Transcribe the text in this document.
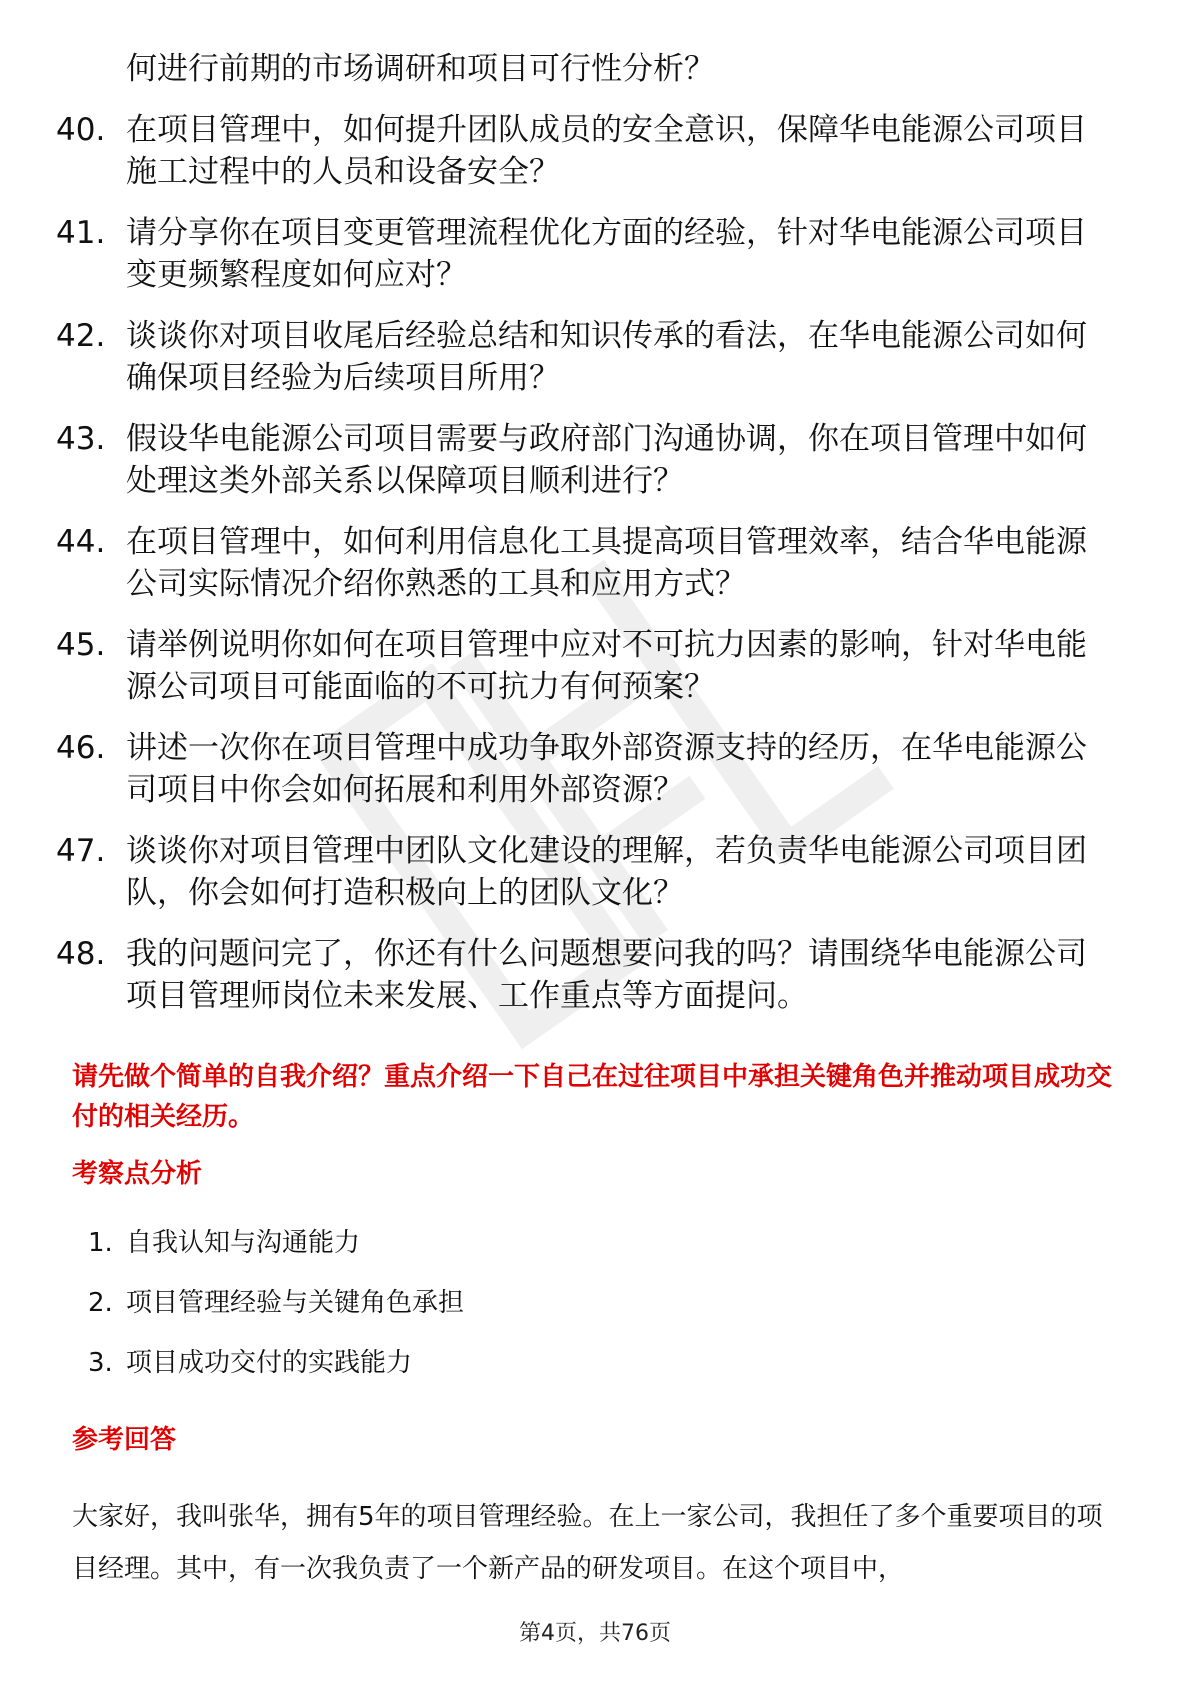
何进行前期的市场调研和项目可行性分析？
40. 在项目管理中，如何提升团队成员的安全意识，保障华电能源公司项目施工过程中的人员和设备安全？
41. 请分享你在项目变更管理流程优化方面的经验，针对华电能源公司项目变更频繁程度如何应对？
42. 谈谈你对项目收尾后经验总结和知识传承的看法，在华电能源公司如何确保项目经验为后续项目所用？
43. 假设华电能源公司项目需要与政府部门沟通协调，你在项目管理中如何处理这类外部关系以保障项目顺利进行？
44. 在项目管理中，如何利用信息化工具提高项目管理效率，结合华电能源公司实际情况介绍你熟悉的工具和应用方式？
45. 请举例说明你如何在项目管理中应对不可抗力因素的影响，针对华电能源公司项目可能面临的不可抗力有何预案？
46. 讲述一次你在项目管理中成功争取外部资源支持的经历，在华电能源公司项目中你会如何拓展和利用外部资源？
47. 谈谈你对项目管理中团队文化建设的理解，若负责华电能源公司项目团队，你会如何打造积极向上的团队文化？
48. 我的问题问完了，你还有什么问题想要问我的吗？请围绕华电能源公司项目管理师岗位未来发展、工作重点等方面提问。
请先做个简单的自我介绍？重点介绍一下自己在过往项目中承担关键角色并推动项目成功交付的相关经历。
考察点分析
1. 自我认知与沟通能力
2. 项目管理经验与关键角色承担
3. 项目成功交付的实践能力
参考回答
大家好，我叫张华，拥有5年的项目管理经验。在上一家公司，我担任了多个重要项目的项目经理。其中，有一次我负责了一个新产品的研发项目。在这个项目中，
第4页，共76页
